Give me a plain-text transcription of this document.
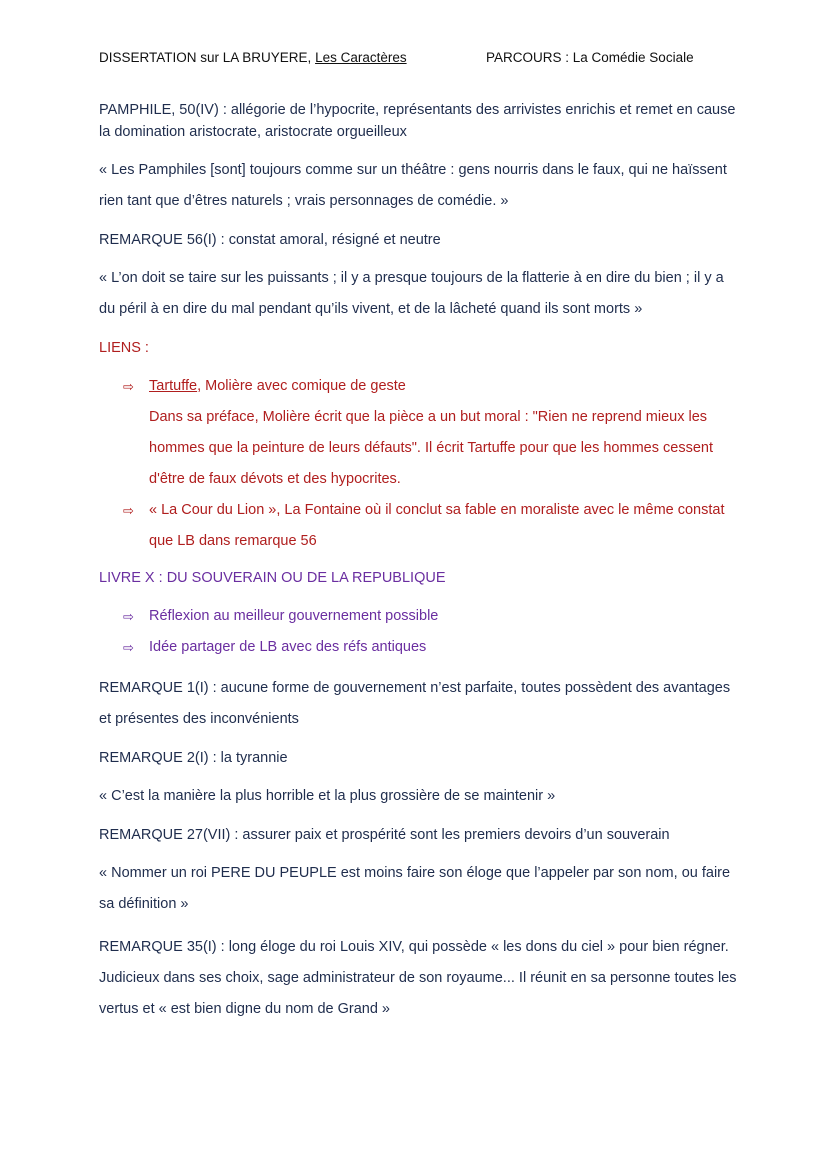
DISSERTATION sur LA BRUYERE, Les Caractères	PARCOURS : La Comédie Sociale

PAMPHILE, 50(IV) : allégorie de l’hypocrite, représentants des arrivistes enrichis et remet en cause la domination aristocrate, aristocrate orgueilleux

« Les Pamphiles [sont] toujours comme sur un théâtre : gens nourris dans le faux, qui ne haïssent rien tant que d’êtres naturels ; vrais personnages de comédie. »

REMARQUE 56(I) : constat amoral, résigné et neutre

« L’on doit se taire sur les puissants ; il y a presque toujours de la flatterie à en dire du bien ; il y a du péril à en dire du mal pendant qu’ils vivent, et de la lâcheté quand ils sont morts »

LIENS :

⇨ Tartuffe, Molière avec comique de geste
Dans sa préface, Molière écrit que la pièce a un but moral : "Rien ne reprend mieux les hommes que la peinture de leurs défauts". Il écrit Tartuffe pour que les hommes cessent d'être de faux dévots et des hypocrites.
⇨ « La Cour du Lion », La Fontaine où il conclut sa fable en moraliste avec le même constat que LB dans remarque 56

LIVRE X : DU SOUVERAIN OU DE LA REPUBLIQUE

⇨ Réflexion au meilleur gouvernement possible
⇨ Idée partager de LB avec des réfs antiques

REMARQUE 1(I) : aucune forme de gouvernement n’est parfaite, toutes possèdent des avantages et présentes des inconvénients

REMARQUE 2(I) : la tyrannie

« C’est la manière la plus horrible et la plus grossière de se maintenir »

REMARQUE 27(VII) : assurer paix et prospérité sont les premiers devoirs d’un souverain

« Nommer un roi PERE DU PEUPLE est moins faire son éloge que l’appeler par son nom, ou faire sa définition »

REMARQUE 35(I) : long éloge du roi Louis XIV, qui possède « les dons du ciel » pour bien régner. Judicieux dans ses choix, sage administrateur de son royaume... Il réunit en sa personne toutes les vertus et « est bien digne du nom de Grand »
